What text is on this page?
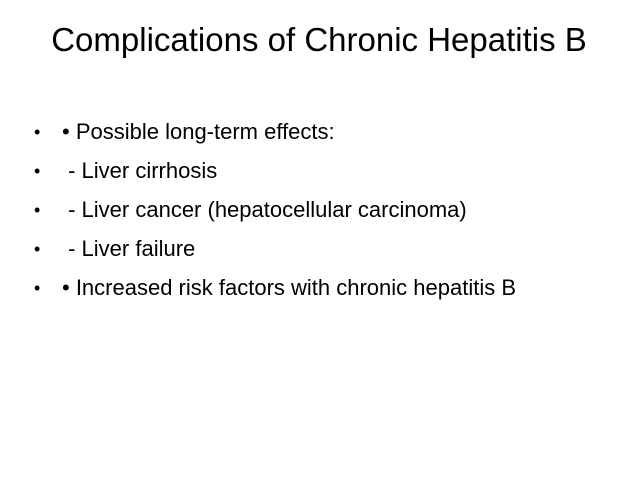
Complications of Chronic Hepatitis B
• • Possible long-term effects:
• - Liver cirrhosis
• - Liver cancer (hepatocellular carcinoma)
• - Liver failure
• • Increased risk factors with chronic hepatitis B
